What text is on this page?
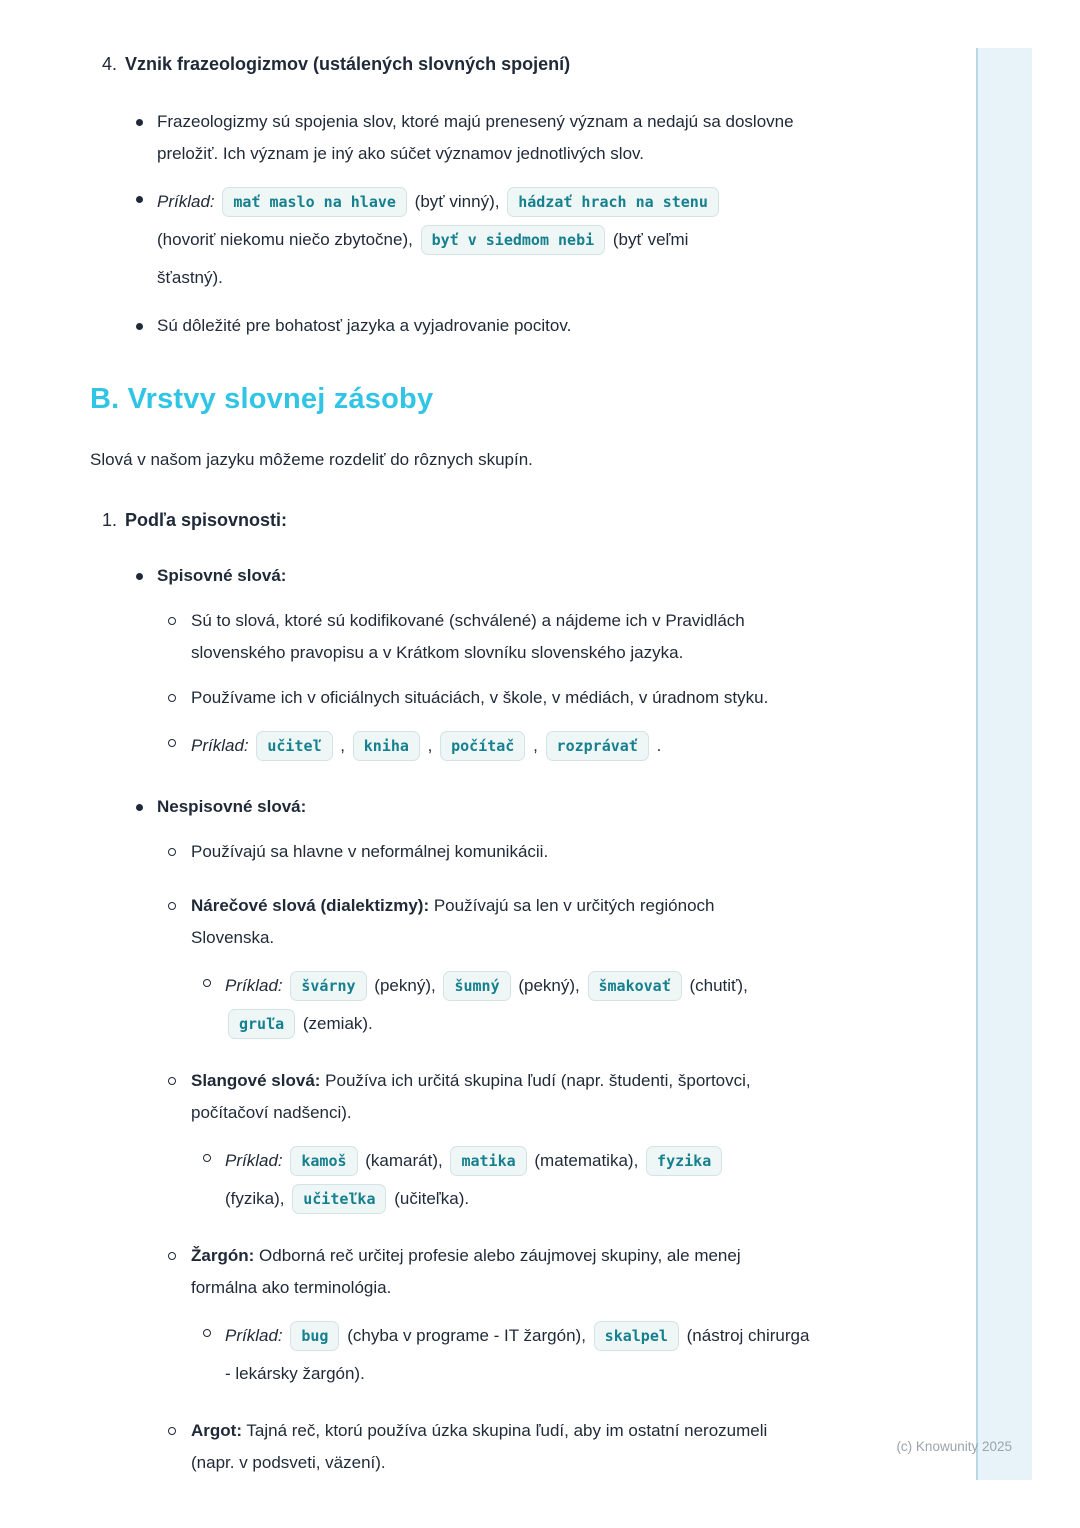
4. Vznik frazeologizmov (ustálených slovných spojení)

Frazeologizmy sú spojenia slov, ktoré majú prenesený význam a nedajú sa doslovne preložiť. Ich význam je iný ako súčet významov jednotlivých slov.

Príklad: mať maslo na hlave (byť vinný), hádzať hrach na stenu (hovoriť niekomu niečo zbytočne), byť v siedmom nebi (byť veľmi šťastný).

Sú dôležité pre bohatosť jazyka a vyjadrovanie pocitov.

B. Vrstvy slovnej zásoby

Slová v našom jazyku môžeme rozdeliť do rôznych skupín.

1. Podľa spisovnosti:

Spisovné slová:

Sú to slová, ktoré sú kodifikované (schválené) a nájdeme ich v Pravidlách slovenského pravopisu a v Krátkom slovníku slovenského jazyka.

Používame ich v oficiálnych situáciách, v škole, v médiách, v úradnom styku.

Príklad: učiteľ , kniha , počítač , rozprávať .

Nespisovné slová:

Používajú sa hlavne v neformálnej komunikácii.

Nárečové slová (dialektizmy): Používajú sa len v určitých regiónoch Slovenska.

Príklad: švárny (pekný), šumný (pekný), šmakovať (chutiť), gruľa (zemiak).

Slangové slová: Používa ich určitá skupina ľudí (napr. študenti, športovci, počítačoví nadšenci).

Príklad: kamoš (kamarát), matika (matematika), fyzika (fyzika), učiteľka (učiteľka).

Žargón: Odborná reč určitej profesie alebo záujmovej skupiny, ale menej formálna ako terminológia.

Príklad: bug (chyba v programe - IT žargón), skalpel (nástroj chirurga - lekársky žargón).

Argot: Tajná reč, ktorú používa úzka skupina ľudí, aby im ostatní nerozumeli (napr. v podsveti, väzení).

(c) Knowunity 2025
